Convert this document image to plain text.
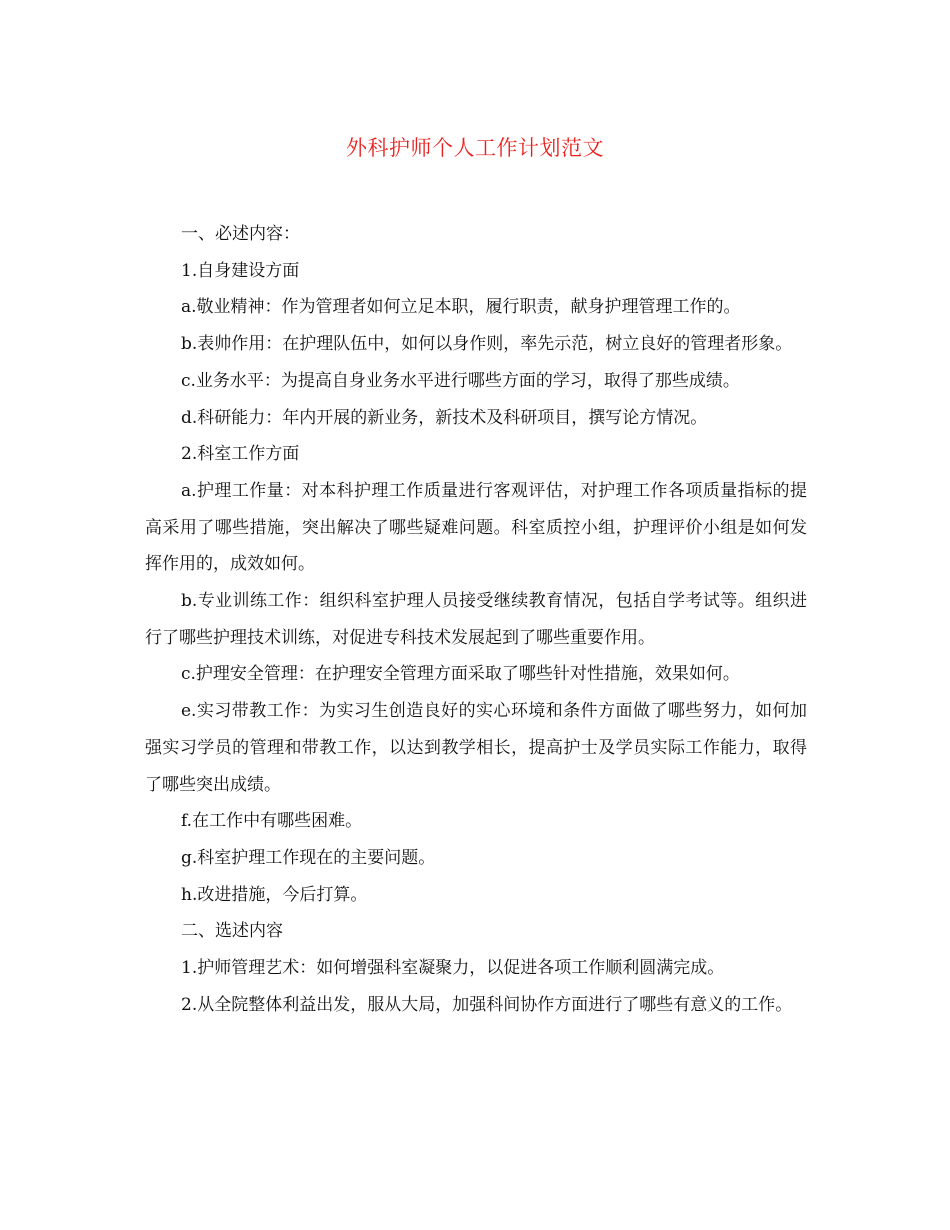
外科护师个人工作计划范文

一、必述内容：

1.自身建设方面

a.敬业精神：作为管理者如何立足本职，履行职责，献身护理管理工作的。

b.表帅作用：在护理队伍中，如何以身作则，率先示范，树立良好的管理者形象。

c.业务水平：为提高自身业务水平进行哪些方面的学习，取得了那些成绩。

d.科研能力：年内开展的新业务，新技术及科研项目，撰写论方情况。

2.科室工作方面

a.护理工作量：对本科护理工作质量进行客观评估，对护理工作各项质量指标的提高采用了哪些措施，突出解决了哪些疑难问题。科室质控小组，护理评价小组是如何发挥作用的，成效如何。

b.专业训练工作：组织科室护理人员接受继续教育情况，包括自学考试等。组织进行了哪些护理技术训练，对促进专科技术发展起到了哪些重要作用。

c.护理安全管理：在护理安全管理方面采取了哪些针对性措施，效果如何。

e.实习带教工作：为实习生创造良好的实心环境和条件方面做了哪些努力，如何加强实习学员的管理和带教工作，以达到教学相长，提高护士及学员实际工作能力，取得了哪些突出成绩。

f.在工作中有哪些困难。

g.科室护理工作现在的主要问题。

h.改进措施，今后打算。

二、选述内容

1.护师管理艺术：如何增强科室凝聚力，以促进各项工作顺利圆满完成。

2.从全院整体利益出发，服从大局，加强科间协作方面进行了哪些有意义的工作。
